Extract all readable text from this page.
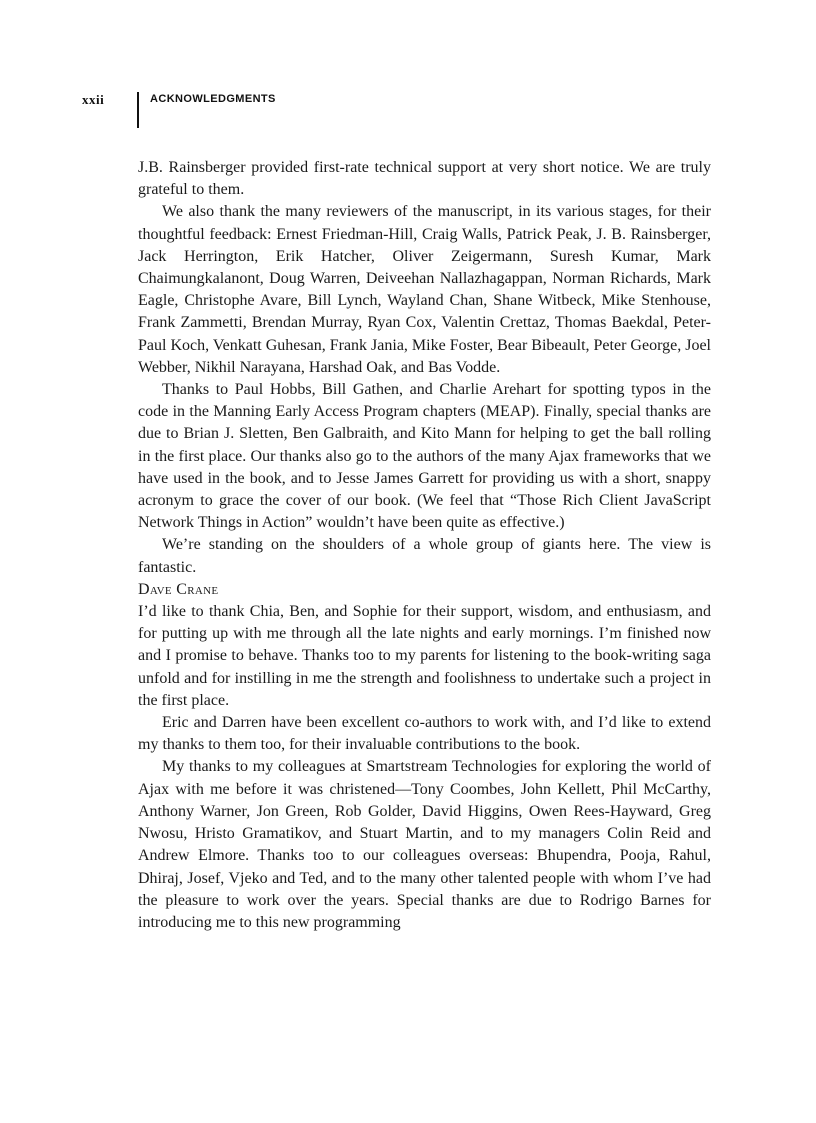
xxii	ACKNOWLEDGMENTS

J.B. Rainsberger provided first-rate technical support at very short notice. We are truly grateful to them.

We also thank the many reviewers of the manuscript, in its various stages, for their thoughtful feedback: Ernest Friedman-Hill, Craig Walls, Patrick Peak, J. B. Rainsberger, Jack Herrington, Erik Hatcher, Oliver Zeigermann, Suresh Kumar, Mark Chaimungkalanont, Doug Warren, Deiveehan Nallazhagappan, Norman Richards, Mark Eagle, Christophe Avare, Bill Lynch, Wayland Chan, Shane Witbeck, Mike Stenhouse, Frank Zammetti, Brendan Murray, Ryan Cox, Valentin Crettaz, Thomas Baekdal, Peter-Paul Koch, Venkatt Guhesan, Frank Jania, Mike Foster, Bear Bibeault, Peter George, Joel Webber, Nikhil Narayana, Harshad Oak, and Bas Vodde.

Thanks to Paul Hobbs, Bill Gathen, and Charlie Arehart for spotting typos in the code in the Manning Early Access Program chapters (MEAP). Finally, special thanks are due to Brian J. Sletten, Ben Galbraith, and Kito Mann for helping to get the ball rolling in the first place. Our thanks also go to the authors of the many Ajax frameworks that we have used in the book, and to Jesse James Garrett for providing us with a short, snappy acronym to grace the cover of our book. (We feel that “Those Rich Client JavaScript Network Things in Action” wouldn’t have been quite as effective.)

We’re standing on the shoulders of a whole group of giants here. The view is fantastic.

Dave Crane

I’d like to thank Chia, Ben, and Sophie for their support, wisdom, and enthusiasm, and for putting up with me through all the late nights and early mornings. I’m finished now and I promise to behave. Thanks too to my parents for listening to the book-writing saga unfold and for instilling in me the strength and foolishness to undertake such a project in the first place.

Eric and Darren have been excellent co-authors to work with, and I’d like to extend my thanks to them too, for their invaluable contributions to the book.

My thanks to my colleagues at Smartstream Technologies for exploring the world of Ajax with me before it was christened—Tony Coombes, John Kellett, Phil McCarthy, Anthony Warner, Jon Green, Rob Golder, David Higgins, Owen Rees-Hayward, Greg Nwosu, Hristo Gramatikov, and Stuart Martin, and to my managers Colin Reid and Andrew Elmore. Thanks too to our colleagues overseas: Bhupendra, Pooja, Rahul, Dhiraj, Josef, Vjeko and Ted, and to the many other talented people with whom I’ve had the pleasure to work over the years. Special thanks are due to Rodrigo Barnes for introducing me to this new programming
